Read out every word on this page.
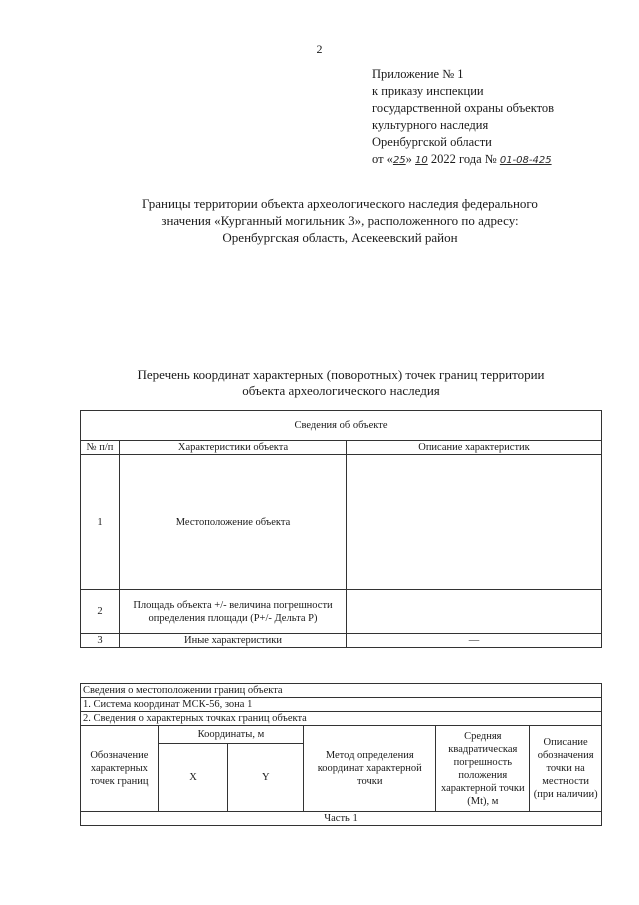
2
Приложение № 1
к приказу инспекции
государственной охраны объектов
культурного наследия
Оренбургской области
от «25» 10 2022 года № 01-08-425
Границы территории объекта археологического наследия федерального
значения «Курганный могильник 3», расположенного по адресу:
Оренбургская область, Асекеевский район
Перечень координат характерных (поворотных) точек границ территории
объекта археологического наследия
Сведения об объекте		
№ п/п	Характеристики объекта	Описание характеристик
1	Местоположение объекта	
2	Площадь объекта +/- величина погрешности определения площади (Р+/- Дельта Р)	
3	Иные характеристики	—
Сведения о местоположении границ объекта					
1. Система координат МСК-56, зона 1					
2. Сведения о характерных точках границ объекта					
Обозначение характерных точек границ	Координаты, м		Метод определения координат характерной точки	Средняя квадратическая погрешность положения характерной точки (Mt), м	Описание обозначения точки на местности (при наличии)
	X	Y			
Часть 1					
